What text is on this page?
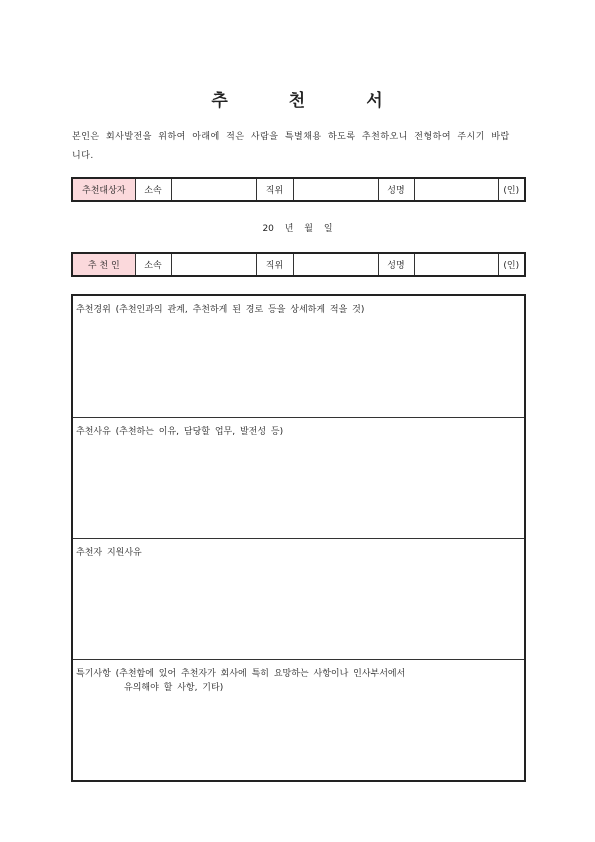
추	천	서
본인은 회사발전을 위하여 아래에 적은 사람을 특별채용 하도록 추천하오니 전형하여 주시기 바랍
니다.
추천대상자	소속		직위		성명		(인)
20 년 월 일
추 천 인	소속		직위		성명		(인)
추천경위 (추천인과의 관계, 추천하게 된 경로 등을 상세하게 적을 것)
추천사유 (추천하는 이유, 담당할 업무, 발전성 등)
추천자 지원사유
특기사항 (추천함에 있어 추천자가 회사에 특히 요망하는 사항이나 인사부서에서
유의해야 할 사항, 기타)
